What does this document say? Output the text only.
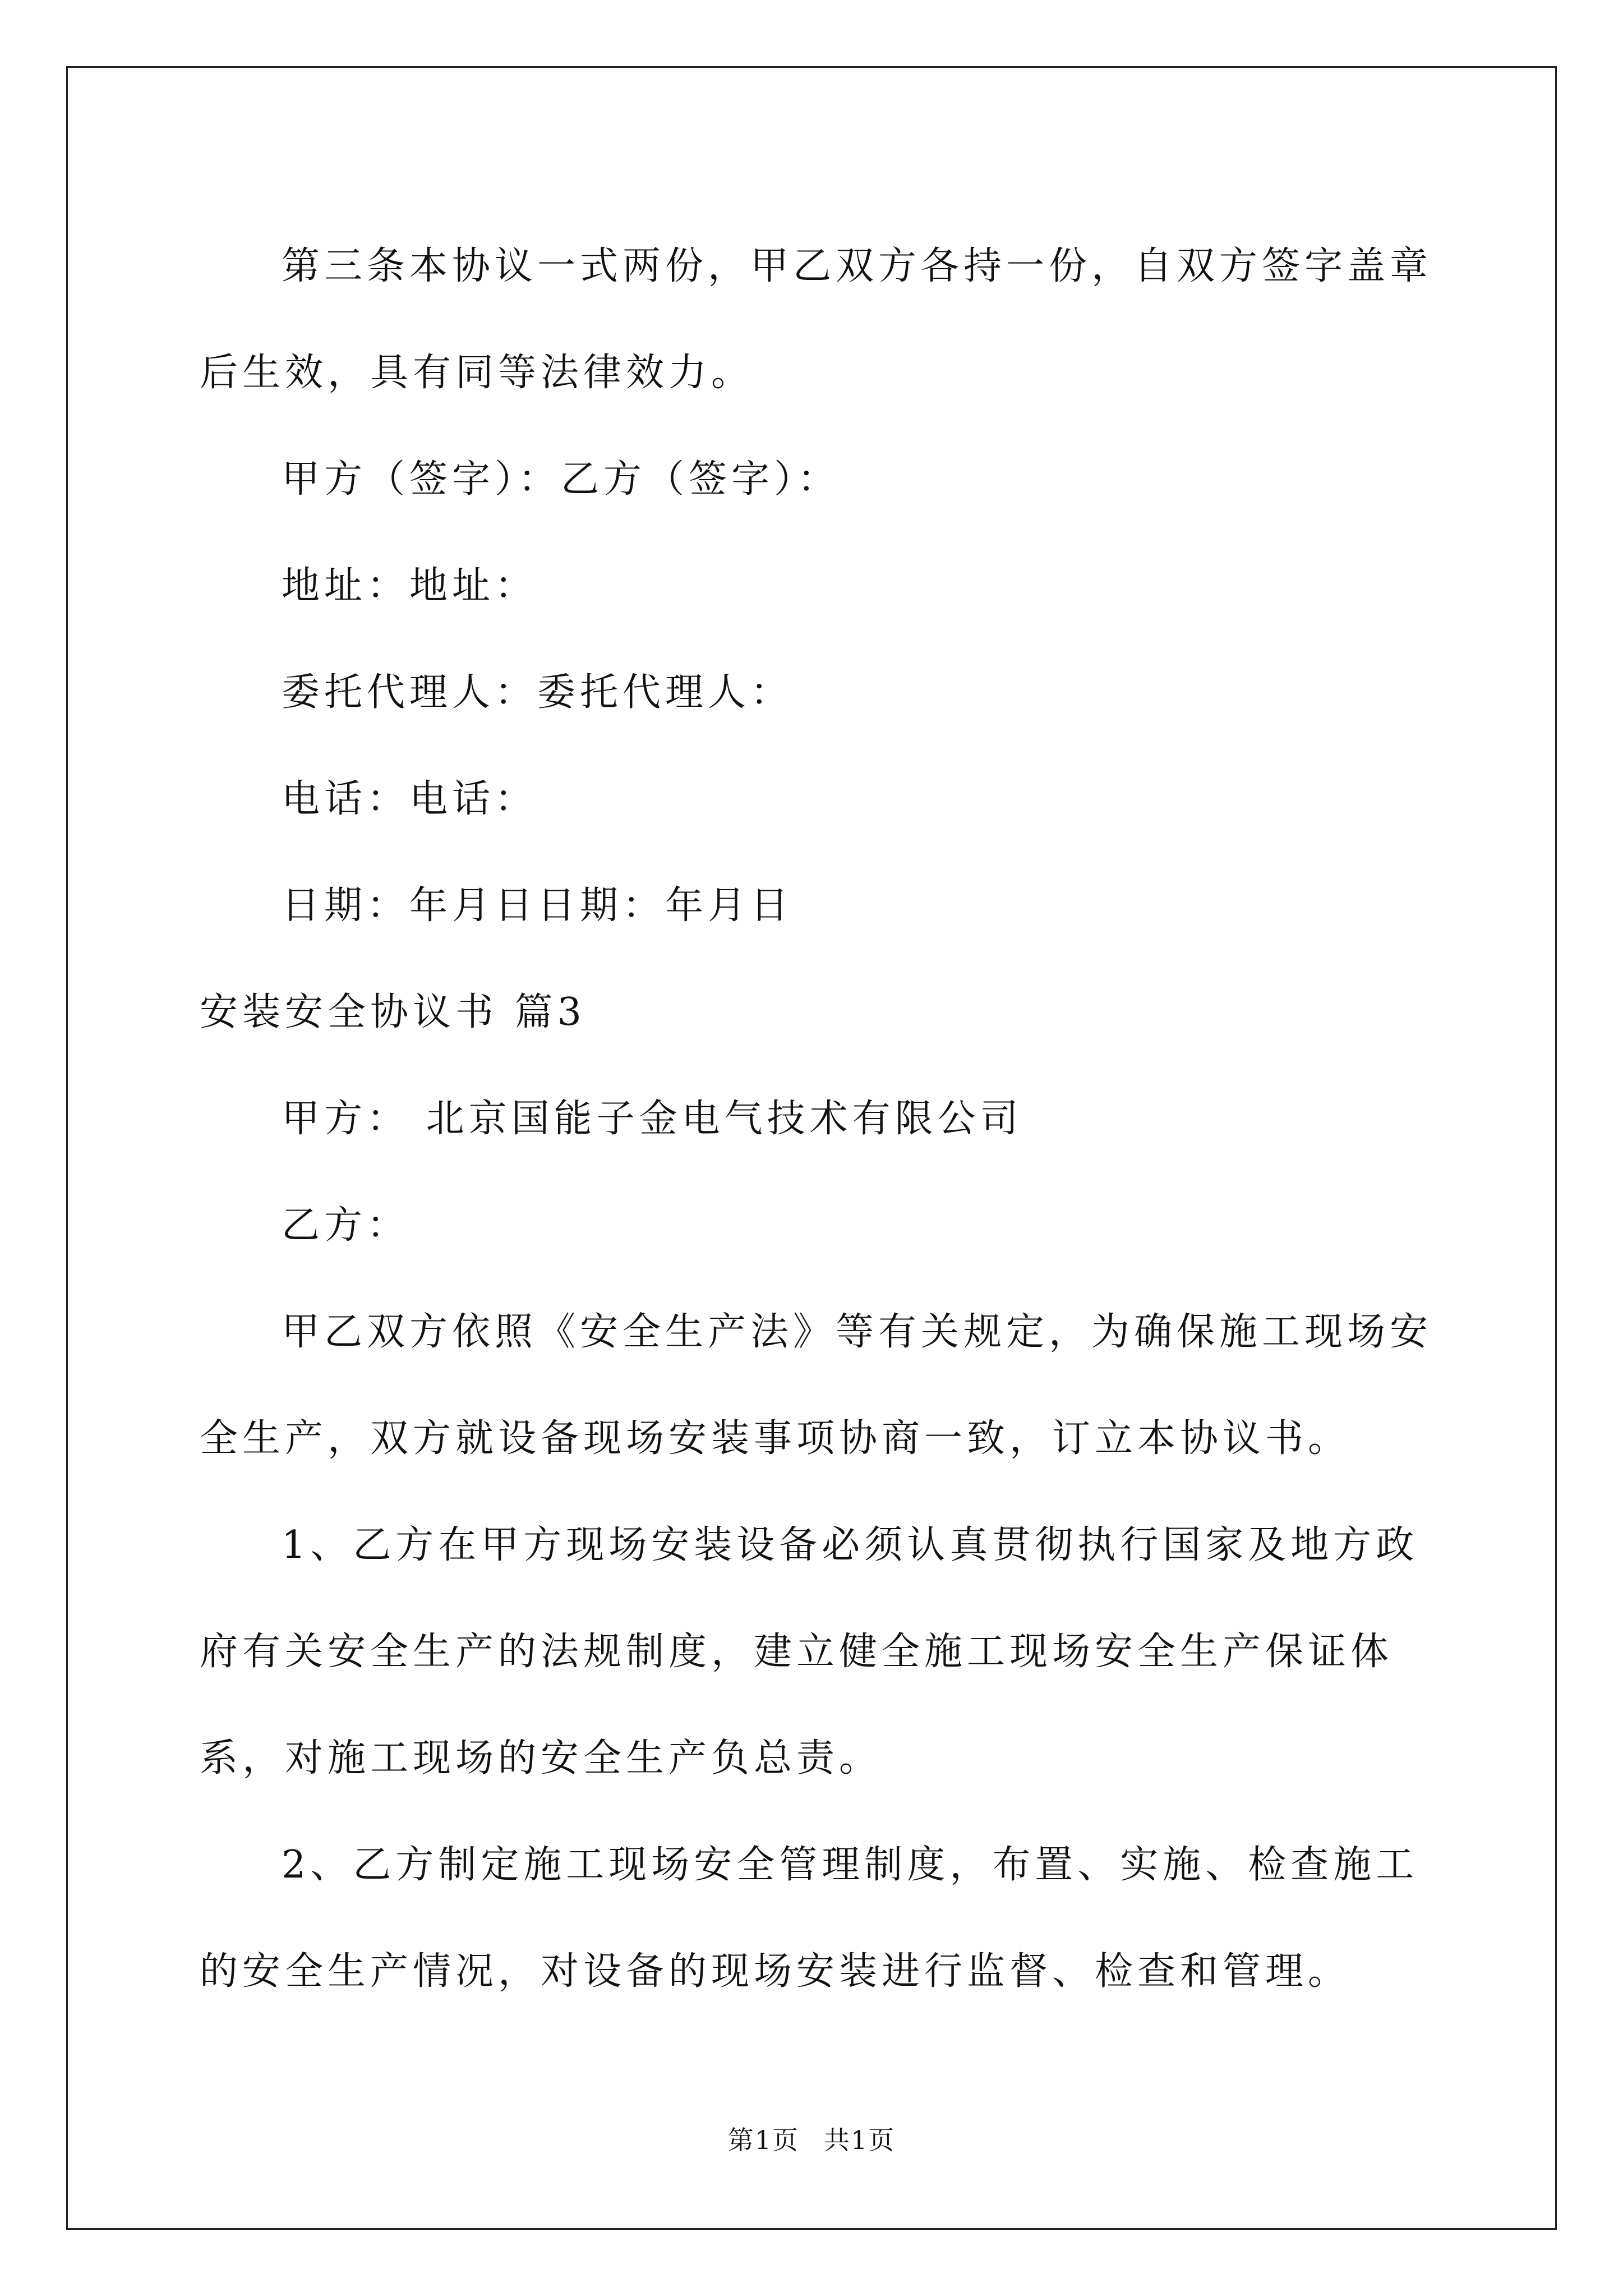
第三条本协议一式两份，甲乙双方各持一份，自双方签字盖章后生效，具有同等法律效力。

甲方（签字）：乙方（签字）：

地址：地址：

委托代理人：委托代理人：

电话：电话：

日期：年月日日期：年月日

安装安全协议书 篇3

甲方： 北京国能子金电气技术有限公司

乙方：

甲乙双方依照《安全生产法》等有关规定，为确保施工现场安全生产，双方就设备现场安装事项协商一致，订立本协议书。

1、乙方在甲方现场安装设备必须认真贯彻执行国家及地方政府有关安全生产的法规制度，建立健全施工现场安全生产保证体系，对施工现场的安全生产负总责。

2、乙方制定施工现场安全管理制度，布置、实施、检查施工的安全生产情况，对设备的现场安装进行监督、检查和管理。

第1页 共1页
